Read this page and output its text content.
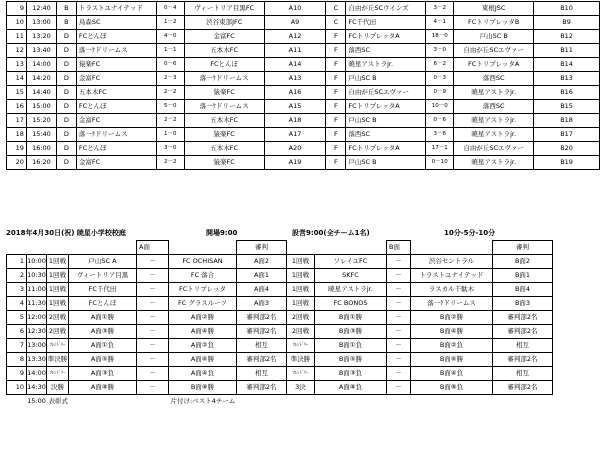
9	12:40	B	トラストユナイテッド	0－4	ヴィートリア目黒FC	A10	C	自由が丘SCウインズ	3－2	東根JSC	B10
10	13:00	B	烏森SC	1－2	渋谷東部JFC	A9	C	FC千代田	4－1	FCトリプレッタB	B9
11	13:20	D	FCとんぼ	4－0	金富FC	A12	F	FCトリプレッタA	18－0	戸山SC B	B12
12	13:40	D	落一ｹドリームス	1－1	五本木FC	A11	F	落西SC	3－0	自由が丘SCエヴァー	B11
13	14:00	D	猿楽FC	0－6	FCとんぼ	A14	F	暁星アストラjr.	6－2	FCトリプレッタA	B14
14	14:20	D	金富FC	2－3	落一ｹドリームス	A13	F	戸山SC B	0－3	落西SC	B13
15	14:40	D	五本木FC	2－2	猿楽FC	A16	F	自由が丘SCエヴァー	0－9	暁星アストラjr.	B16
16	15:00	D	FCとんぼ	5－0	落一ｹドリームス	A15	F	FCトリプレッタA	10－0	落西SC	B15
17	15:20	D	金富FC	2－2	五本木FC	A18	F	戸山SC B	0－6	暁星アストラjr.	B18
18	15:40	D	落一ｹドリームス	1－0	猿楽FC	A17	F	落西SC	3－6	暁星アストラjr.	B17
19	16:00	D	FCとんぼ	3－0	五本木FC	A20	F	FCトリプレッタA	17－1	自由が丘SCエヴァー	B20
20	16:20	D	金富FC	2－2	猿楽FC	A19	F	戸山SC B	0－10	暁星アストラjr.	B19
2018年4月30日(祝) 暁星小学校校庭	開場9:00	設営9:00(全チーム1名)	10分-5分-10分
				A面		審判			B面		審判
1	10:00	1回戦	戸山SC A	－	FC OCHISAN	A面2	1回戦	ソレイユFC	－	渋谷セントラル	B面2
2	10:30	1回戦	ヴィートリア目黒	－	FC 落合	A面1	1回戦	SKFC	－	トラストユナイテッド	B面1
3	11:00	1回戦	FC千代田	－	FCトリプレッタ	A面4	1回戦	暁星アストラjr.	－	ラスカル千駄木	B面4
4	11:30	1回戦	FCとんぼ	－	FC グラスルーツ	A面3	1回戦	FC BONOS	－	落一ｹドリームス	B面3
5	12:00	2回戦	A面①勝	－	A面②勝	審判部2名	2回戦	B面①勝	－	B面②勝	審判部2名
6	12:30	2回戦	A面③勝	－	A面④勝	審判部2名	2回戦	B面③勝	－	B面④勝	審判部2名
7	13:00	ﾌﾚﾝﾄﾞﾘｰ	A面①負	－	A面②負	相互	ﾌﾚﾝﾄﾞﾘｰ	B面①負	－	B面②負	相互
8	13:30	準決勝	A面⑤勝	－	A面⑥勝	審判部2名	準決勝	B面⑤勝	－	B面⑥勝	審判部2名
9	14:00	ﾌﾚﾝﾄﾞﾘｰ	A面③負	－	A面④負	相互	ﾌﾚﾝﾄﾞﾘｰ	B面③負	－	B面④負	相互
10	14:30	決勝	A面⑧勝	－	B面⑧勝	審判部2名	3決	A面⑧負	－	B面⑧負	審判部2名
	15:00	表彰式			片付け:ベスト4チーム						
